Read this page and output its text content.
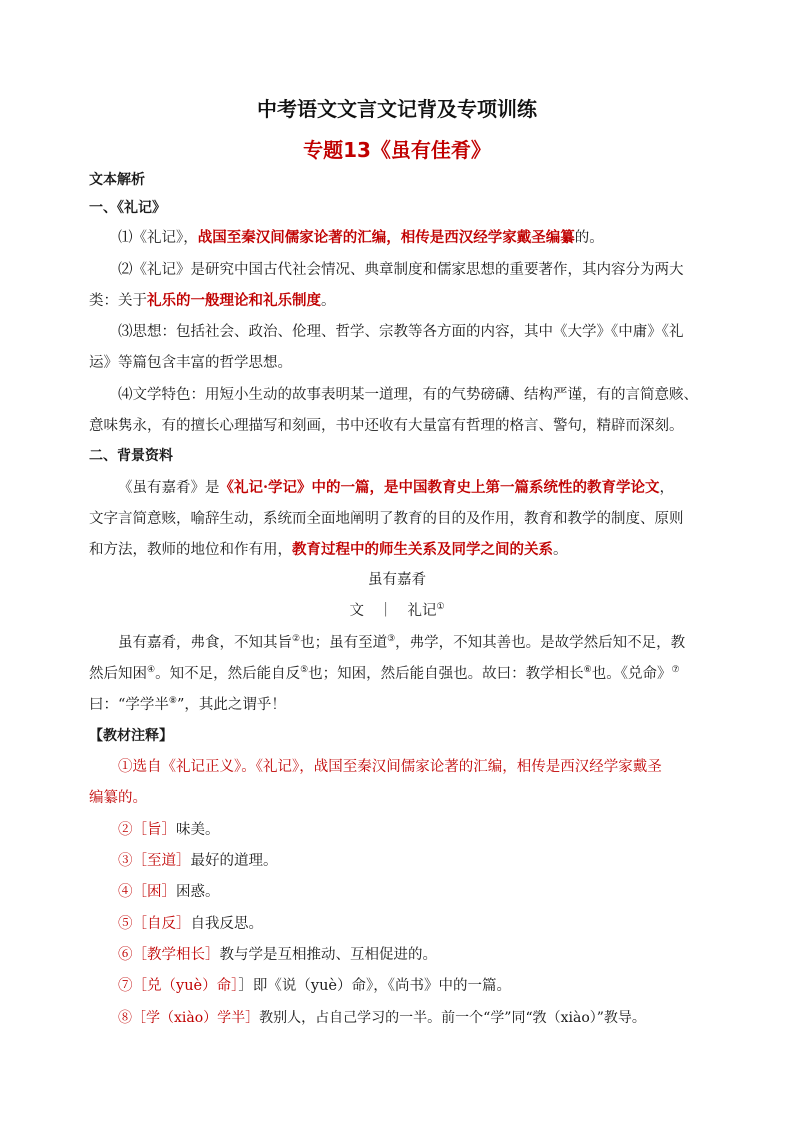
中考语文文言文记背及专项训练
专题13《虽有佳肴》
文本解析
一、《礼记》
⑴《礼记》，战国至秦汉间儒家论著的汇编，相传是西汉经学家戴圣编纂的。
⑵《礼记》是研究中国古代社会情况、典章制度和儒家思想的重要著作，其内容分为两大
类：关于礼乐的一般理论和礼乐制度。
⑶思想：包括社会、政治、伦理、哲学、宗教等各方面的内容，其中《大学》《中庸》《礼
运》等篇包含丰富的哲学思想。
⑷文学特色：用短小生动的故事表明某一道理，有的气势磅礴、结构严谨，有的言简意赅、
意味隽永，有的擅长心理描写和刻画，书中还收有大量富有哲理的格言、警句，精辟而深刻。
二、背景资料
《虽有嘉肴》是《礼记·学记》中的一篇，是中国教育史上第一篇系统性的教育学论文，
文字言简意赅，喻辞生动，系统而全面地阐明了教育的目的及作用，教育和教学的制度、原则
和方法，教师的地位和作有用，教育过程中的师生关系及同学之间的关系。
虽有嘉肴
文　｜　礼记①
虽有嘉肴，弗食，不知其旨②也；虽有至道③，弗学，不知其善也。是故学然后知不足，教
然后知困④。知不足，然后能自反⑤也；知困，然后能自强也。故曰：教学相长⑥也。《兑命》⑦
曰：“学学半⑧”，其此之谓乎！
【教材注释】
①选自《礼记正义》。《礼记》，战国至秦汉间儒家论著的汇编，相传是西汉经学家戴圣
编纂的。
②［旨］味美。
③［至道］最好的道理。
④［困］困惑。
⑤［自反］自我反思。
⑥［教学相长］教与学是互相推动、互相促进的。
⑦［兑（yuè）命］］即《说（yuè）命》，《尚书》中的一篇。
⑧［学（xiào）学半］教别人，占自己学习的一半。前一个“学”同“敩（xiào）”教导。
